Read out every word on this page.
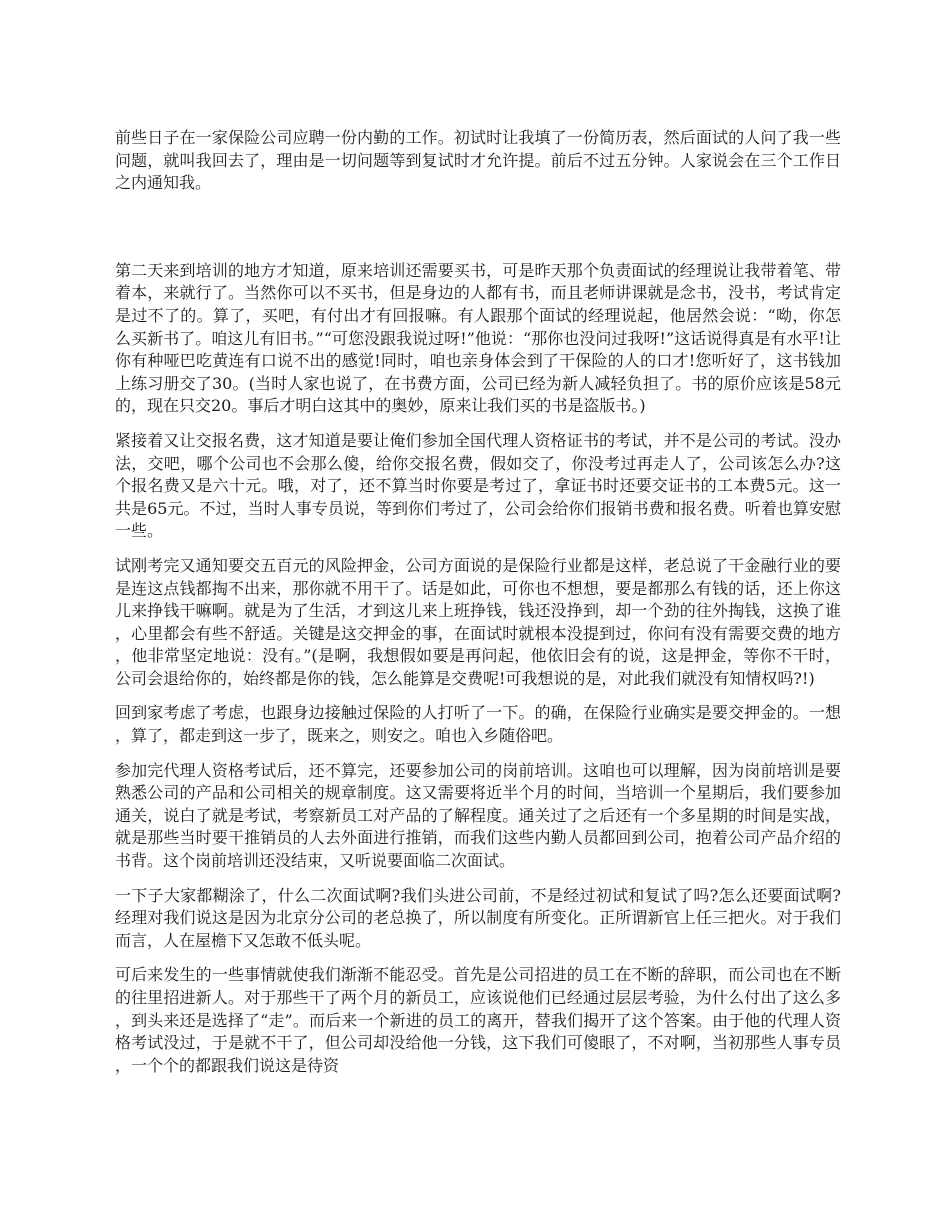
前些日子在一家保险公司应聘一份内勤的工作。初试时让我填了一份简历表，然后面试的人问了我一些问题，就叫我回去了，理由是一切问题等到复试时才允许提。前后不过五分钟。人家说会在三个工作日之内通知我。

第二天来到培训的地方才知道，原来培训还需要买书，可是昨天那个负责面试的经理说让我带着笔、带着本，来就行了。当然你可以不买书，但是身边的人都有书，而且老师讲课就是念书，没书，考试肯定是过不了的。算了，买吧，有付出才有回报嘛。有人跟那个面试的经理说起，他居然会说：“呦，你怎么买新书了。咱这儿有旧书。”“可您没跟我说过呀!”他说：“那你也没问过我呀!”这话说得真是有水平!让你有种哑巴吃黄连有口说不出的感觉!同时，咱也亲身体会到了干保险的人的口才!您听好了，这书钱加上练习册交了30。(当时人家也说了，在书费方面，公司已经为新人减轻负担了。书的原价应该是58元的，现在只交20。事后才明白这其中的奥妙，原来让我们买的书是盗版书。)

紧接着又让交报名费，这才知道是要让俺们参加全国代理人资格证书的考试，并不是公司的考试。没办法，交吧，哪个公司也不会那么傻，给你交报名费，假如交了，你没考过再走人了，公司该怎么办?这个报名费又是六十元。哦，对了，还不算当时你要是考过了，拿证书时还要交证书的工本费5元。这一共是65元。不过，当时人事专员说，等到你们考过了，公司会给你们报销书费和报名费。听着也算安慰一些。

试刚考完又通知要交五百元的风险押金，公司方面说的是保险行业都是这样，老总说了干金融行业的要是连这点钱都掏不出来，那你就不用干了。话是如此，可你也不想想，要是都那么有钱的话，还上你这儿来挣钱干嘛啊。就是为了生活，才到这儿来上班挣钱，钱还没挣到，却一个劲的往外掏钱，这换了谁，心里都会有些不舒适。关键是这交押金的事，在面试时就根本没提到过，你问有没有需要交费的地方，他非常坚定地说：没有。”(是啊，我想假如要是再问起，他依旧会有的说，这是押金，等你不干时，公司会退给你的，始终都是你的钱，怎么能算是交费呢!可我想说的是，对此我们就没有知情权吗?!)

回到家考虑了考虑，也跟身边接触过保险的人打听了一下。的确，在保险行业确实是要交押金的。一想，算了，都走到这一步了，既来之，则安之。咱也入乡随俗吧。

参加完代理人资格考试后，还不算完，还要参加公司的岗前培训。这咱也可以理解，因为岗前培训是要熟悉公司的产品和公司相关的规章制度。这又需要将近半个月的时间，当培训一个星期后，我们要参加通关，说白了就是考试，考察新员工对产品的了解程度。通关过了之后还有一个多星期的时间是实战，就是那些当时要干推销员的人去外面进行推销，而我们这些内勤人员都回到公司，抱着公司产品介绍的书背。这个岗前培训还没结束，又听说要面临二次面试。

一下子大家都糊涂了，什么二次面试啊?我们头进公司前，不是经过初试和复试了吗?怎么还要面试啊?经理对我们说这是因为北京分公司的老总换了，所以制度有所变化。正所谓新官上任三把火。对于我们而言，人在屋檐下又怎敢不低头呢。

可后来发生的一些事情就使我们渐渐不能忍受。首先是公司招进的员工在不断的辞职，而公司也在不断的往里招进新人。对于那些干了两个月的新员工，应该说他们已经通过层层考验，为什么付出了这么多，到头来还是选择了“走”。而后来一个新进的员工的离开，替我们揭开了这个答案。由于他的代理人资格考试没过，于是就不干了，但公司却没给他一分钱，这下我们可傻眼了，不对啊，当初那些人事专员，一个个的都跟我们说这是待资
